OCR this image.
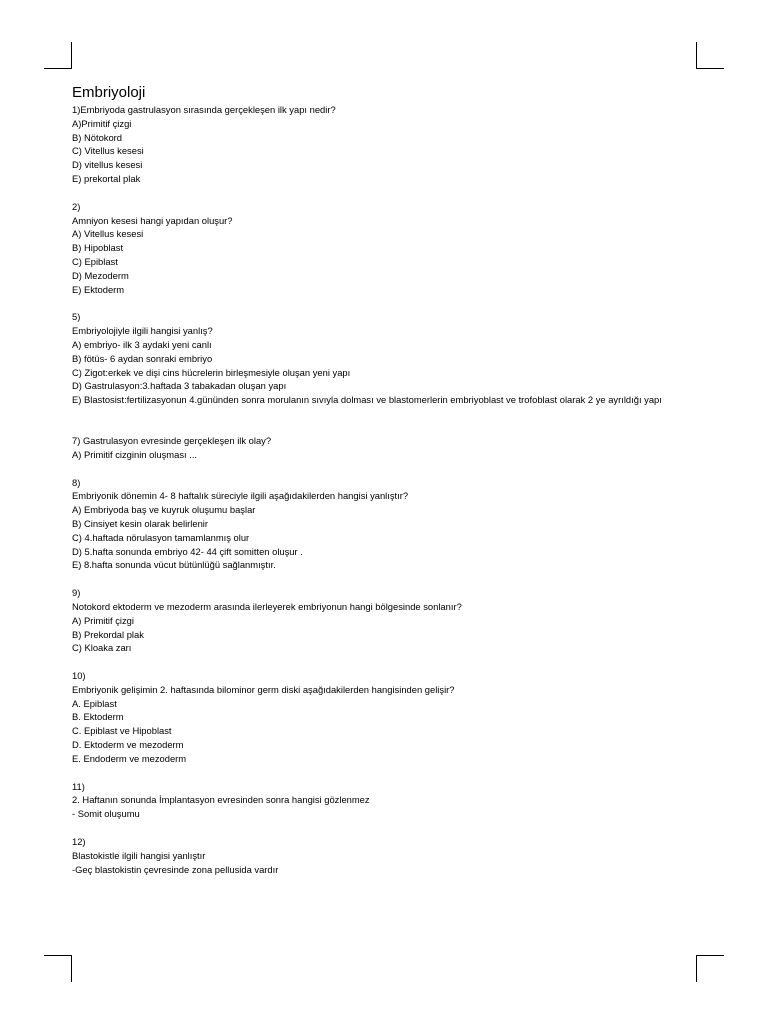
Embriyoloji
1)Embriyoda gastrulasyon sırasında gerçekleşen ilk yapı nedir?
A)Primitif çizgi
B) Nötokord
C) Vitellus kesesi
D) vitellus kesesi
E) prekortal plak
2)
Amniyon kesesi hangi yapıdan oluşur?
A) Vitellus kesesi
B) Hipoblast
C) Epiblast
D) Mezoderm
E) Ektoderm
5)
Embriyolojiyle ilgili hangisi yanlış?
A) embriyo- ilk 3 aydaki yeni canlı
B) fötüs- 6 aydan sonraki embriyo
C) Zigot:erkek ve dişi cins hücrelerin birleşmesiyle oluşan yeni yapı
D) Gastrulasyon:3.haftada 3 tabakadan oluşan yapı
E) Blastosist:fertilizasyonun 4.gününden sonra morulanın sıvıyla dolması ve blastomerlerin embriyoblast ve trofoblast olarak 2 ye ayrıldığı yapı
7) Gastrulasyon evresinde gerçekleşen ilk olay?
A) Primitif cizginin oluşması ...
8)
Embriyonik dönemin 4- 8 haftalık süreciyle ilgili aşağıdakilerden hangisi yanlıştır?
A) Embriyoda baş ve kuyruk oluşumu başlar
B) Cinsiyet kesin olarak belirlenir
C) 4.haftada nörulasyon tamamlanmış olur
D) 5.hafta sonunda embriyo 42- 44 çift somitten oluşur .
E) 8.hafta sonunda vücut bütünlüğü sağlanmıştır.
9)
Notokord ektoderm ve mezoderm arasında ilerleyerek embriyonun hangi bölgesinde sonlanır?
A) Primitif çizgi
B) Prekordal plak
C) Kloaka zarı
10)
Embriyonik gelişimin 2. haftasında bilominor germ diski aşağıdakilerden hangisinden gelişir?
A. Epiblast
B. Ektoderm
C. Epiblast ve Hipoblast
D. Ektoderm ve mezoderm
E. Endoderm ve mezoderm
11)
2. Haftanın sonunda İmplantasyon evresinden sonra hangisi gözlenmez
- Somit oluşumu
12)
Blastokistle ilgili hangisi yanlıştır
-Geç blastokistin çevresinde zona pellusida vardır
